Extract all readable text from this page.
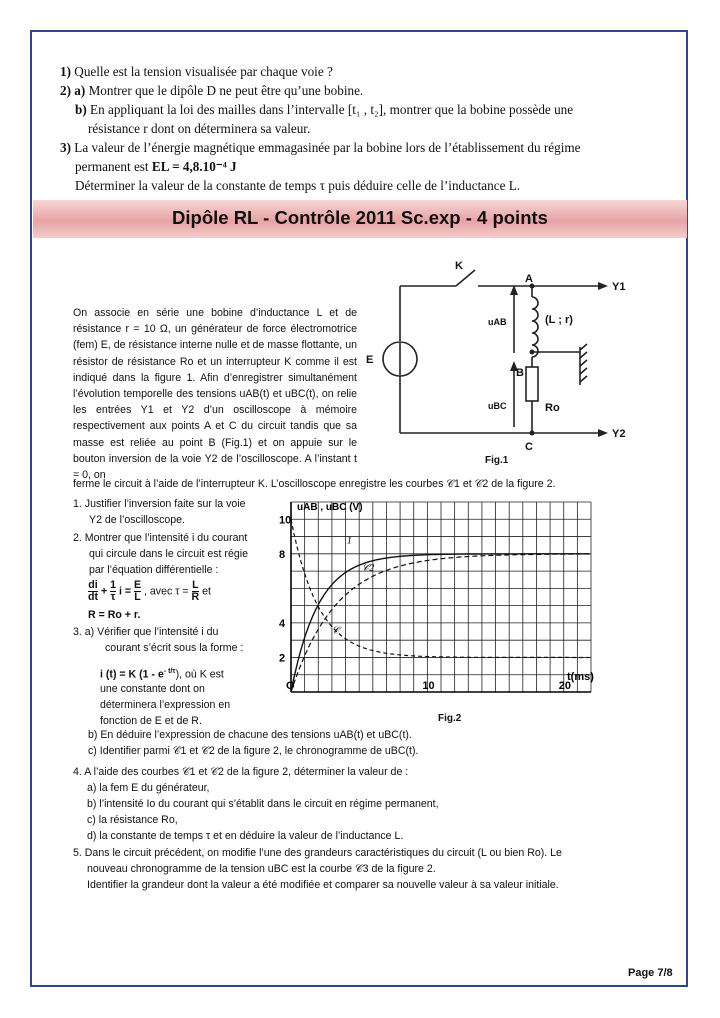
1) Quelle est la tension visualisée par chaque voie ?

2) a) Montrer que le dipôle D ne peut être qu’une bobine.

b) En appliquant la loi des mailles dans l’intervalle [t₁ , t₂], montrer que la bobine possède une

résistance r dont on déterminera sa valeur.

3) La valeur de l’énergie magnétique emmagasinée par la bobine lors de l’établissement du régime

permanent est EL = 4,8.10⁻⁴ J

Déterminer la valeur de la constante de temps τ puis déduire celle de l’inductance L.

Dipôle RL - Contrôle 2011 Sc.exp - 4 points
K
A
B
C
Y1
Y2
E
(L ; r)
Ro
uAB
uBC
Fig.1
On associe en série une bobine d’inductance L et de résistance r = 10 Ω, un générateur de force électromotrice (fem) E, de résistance interne nulle et de masse flottante, un résistor de résistance Ro et un interrupteur K comme il est indiqué dans la figure 1. Afin d’enregistrer simultanément l’évolution temporelle des tensions uAB(t) et uBC(t), on relie les entrées Y1 et Y2 d’un oscilloscope à mémoire respectivement aux points A et C du circuit tandis que sa masse est reliée au point B (Fig.1) et on appuie sur le bouton inversion de la voie Y2 de l’oscilloscope. A l’instant t = 0, on
ferme le circuit à l’aide de l’interrupteur K. L’oscilloscope enregistre les courbes 𝒞1 et 𝒞2 de la figure 2.
1. Justifier l’inversion faite sur la voie
Y2 de l’oscilloscope.
2. Montrer que l’intensité i du courant
qui circule dans le circuit est régie
par l’équation différentielle :
$\frac{di}{dt} + \frac{1}{\tau}$ $i = \frac{E}{L}$ , avec $\tau = \frac{L}{R}$ et
R = Ro + r.
3. a) Vérifier que l’intensité i du
courant s’écrit sous la forme :
i (t) = K $(1 - e^{- t/\tau})$, où K est
une constante dont on
déterminera l’expression en
fonction de E et de R.
O	10	20
2
4
8
10
uAB , uBC (V)
t(ms)
1
𝒞2
𝒞
Fig.2
b) En déduire l’expression de chacune des tensions uAB(t) et uBC(t).
c) Identifier parmi 𝒞1 et 𝒞2 de la figure 2, le chronogramme de uBC(t).
4. A l’aide des courbes 𝒞1 et 𝒞2 de la figure 2, déterminer la valeur de :
a) la fem E du générateur,
b) l’intensité Io du courant qui s’établit dans le circuit en régime permanent,
c) la résistance Ro,
d) la constante de temps τ et en déduire la valeur de l’inductance L.
5. Dans le circuit précédent, on modifie l’une des grandeurs caractéristiques du circuit (L ou bien Ro). Le
nouveau chronogramme de la tension uBC est la courbe 𝒞3 de la figure 2.
Identifier la grandeur dont la valeur a été modifiée et comparer sa nouvelle valeur à sa valeur initiale.
Page 7/8
